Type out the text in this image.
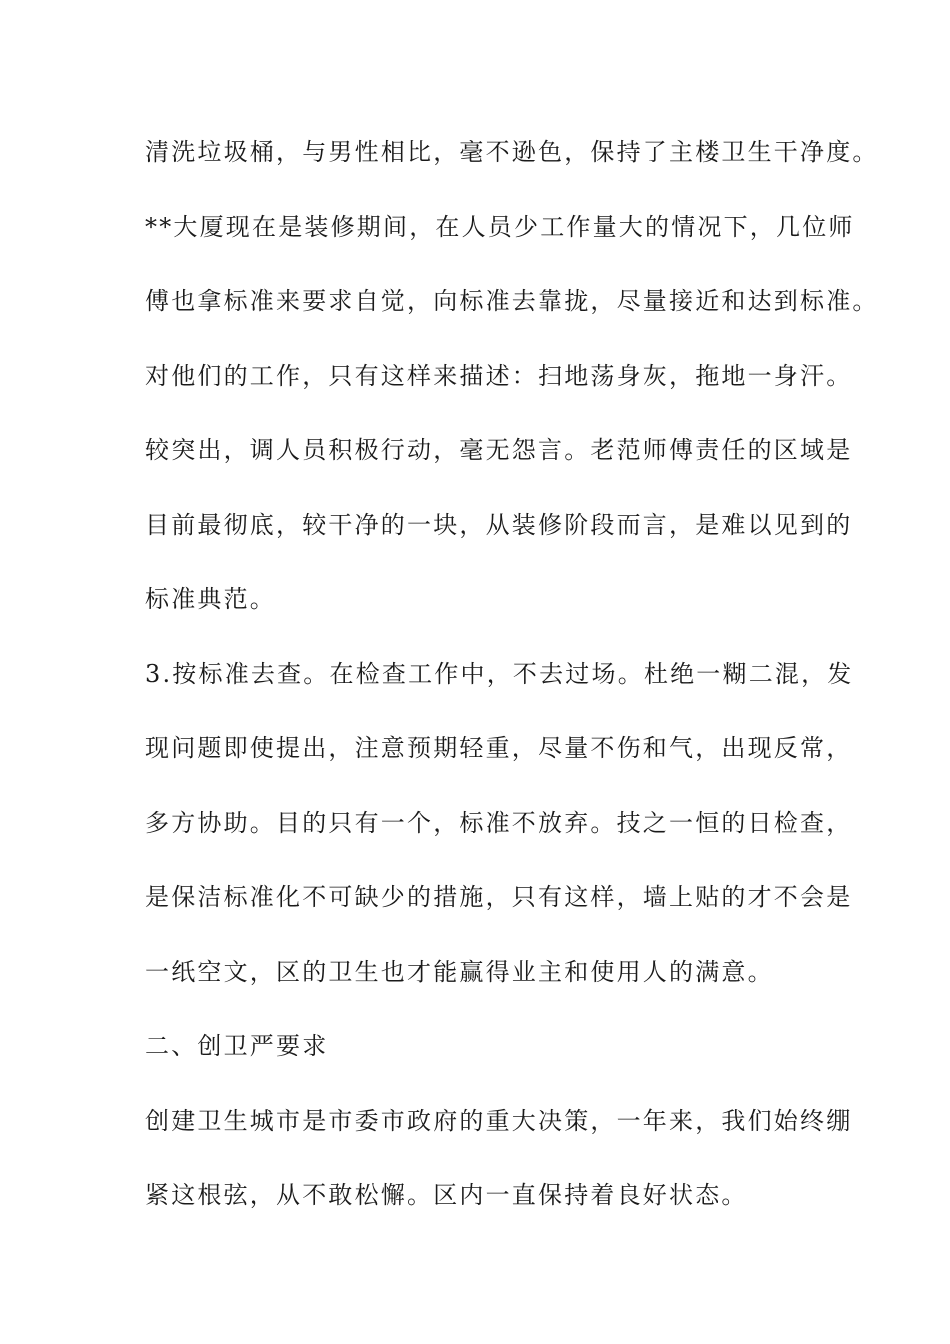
清洗垃圾桶，与男性相比，毫不逊色，保持了主楼卫生干净度。
**大厦现在是装修期间，在人员少工作量大的情况下，几位师
傅也拿标准来要求自觉，向标准去靠拢，尽量接近和达到标准。
对他们的工作，只有这样来描述：扫地荡身灰，拖地一身汗。
较突出，调人员积极行动，毫无怨言。老范师傅责任的区域是
目前最彻底，较干净的一块，从装修阶段而言，是难以见到的
标准典范。
3.按标准去查。在检查工作中，不去过场。杜绝一糊二混，发
现问题即使提出，注意预期轻重，尽量不伤和气，出现反常，
多方协助。目的只有一个，标准不放弃。技之一恒的日检查，
是保洁标准化不可缺少的措施，只有这样，墙上贴的才不会是
一纸空文，区的卫生也才能赢得业主和使用人的满意。
二、创卫严要求
创建卫生城市是市委市政府的重大决策，一年来，我们始终绷
紧这根弦，从不敢松懈。区内一直保持着良好状态。
